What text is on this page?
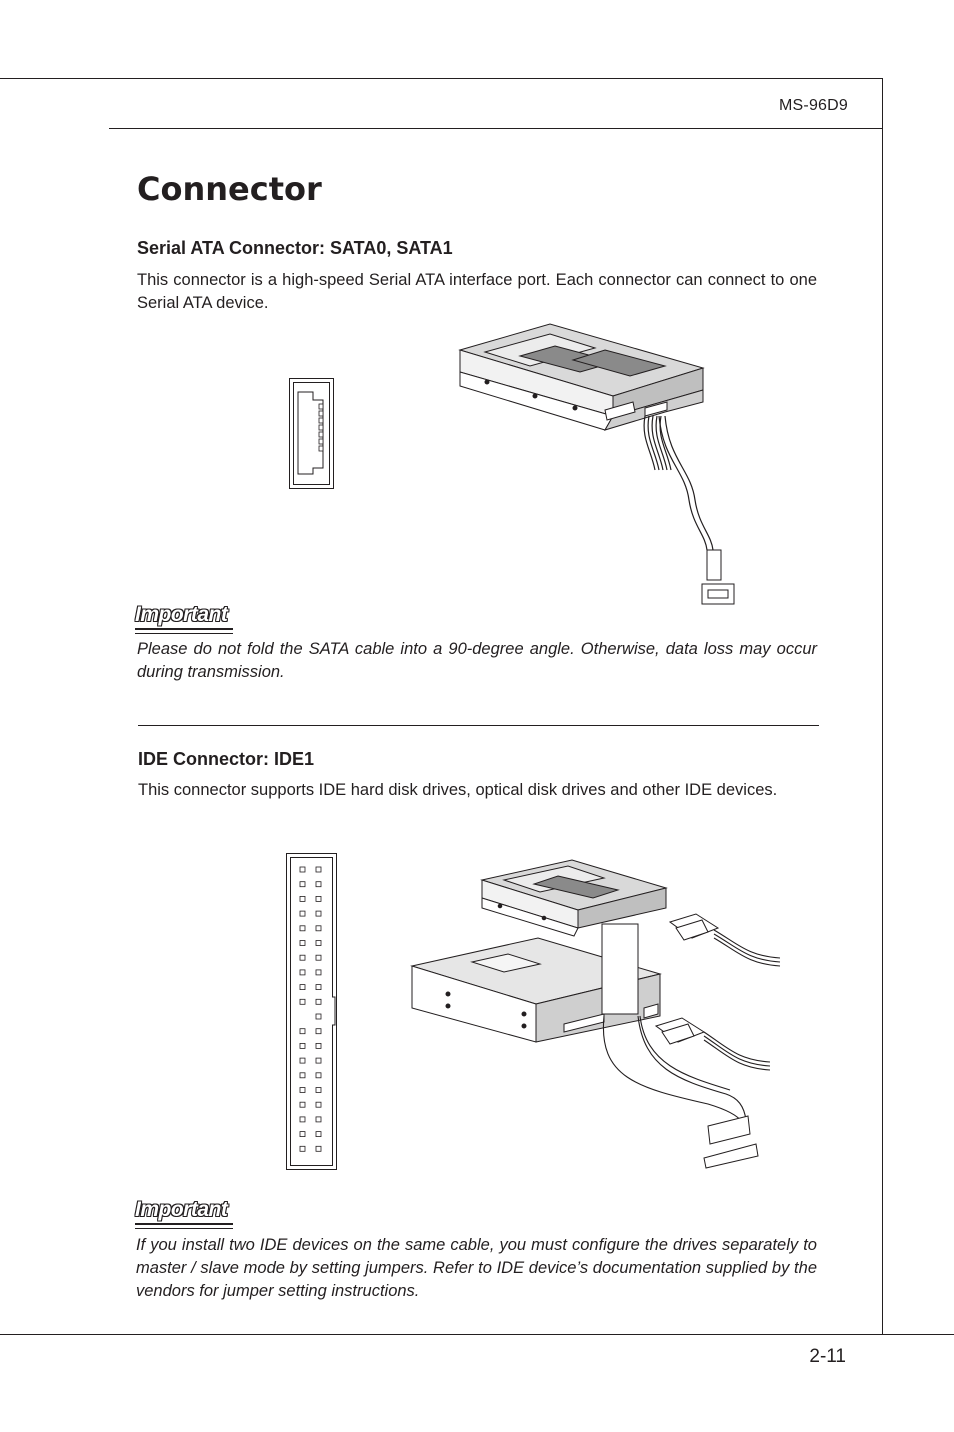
MS-96D9
Connector
Serial ATA Connector: SATA0, SATA1
This connector is a high-speed Serial ATA interface port. Each connector can connect to one Serial ATA device.
Important
Please do not fold the SATA cable into a 90-degree angle. Otherwise, data loss may occur during transmission.
IDE Connector: IDE1
This connector supports IDE hard disk drives, optical disk drives and other IDE devices.
Important
If you install two IDE devices on the same cable, you must configure the drives separately to master / slave mode by setting jumpers. Refer to IDE device’s documentation supplied by the vendors for jumper setting instructions.
2-11
